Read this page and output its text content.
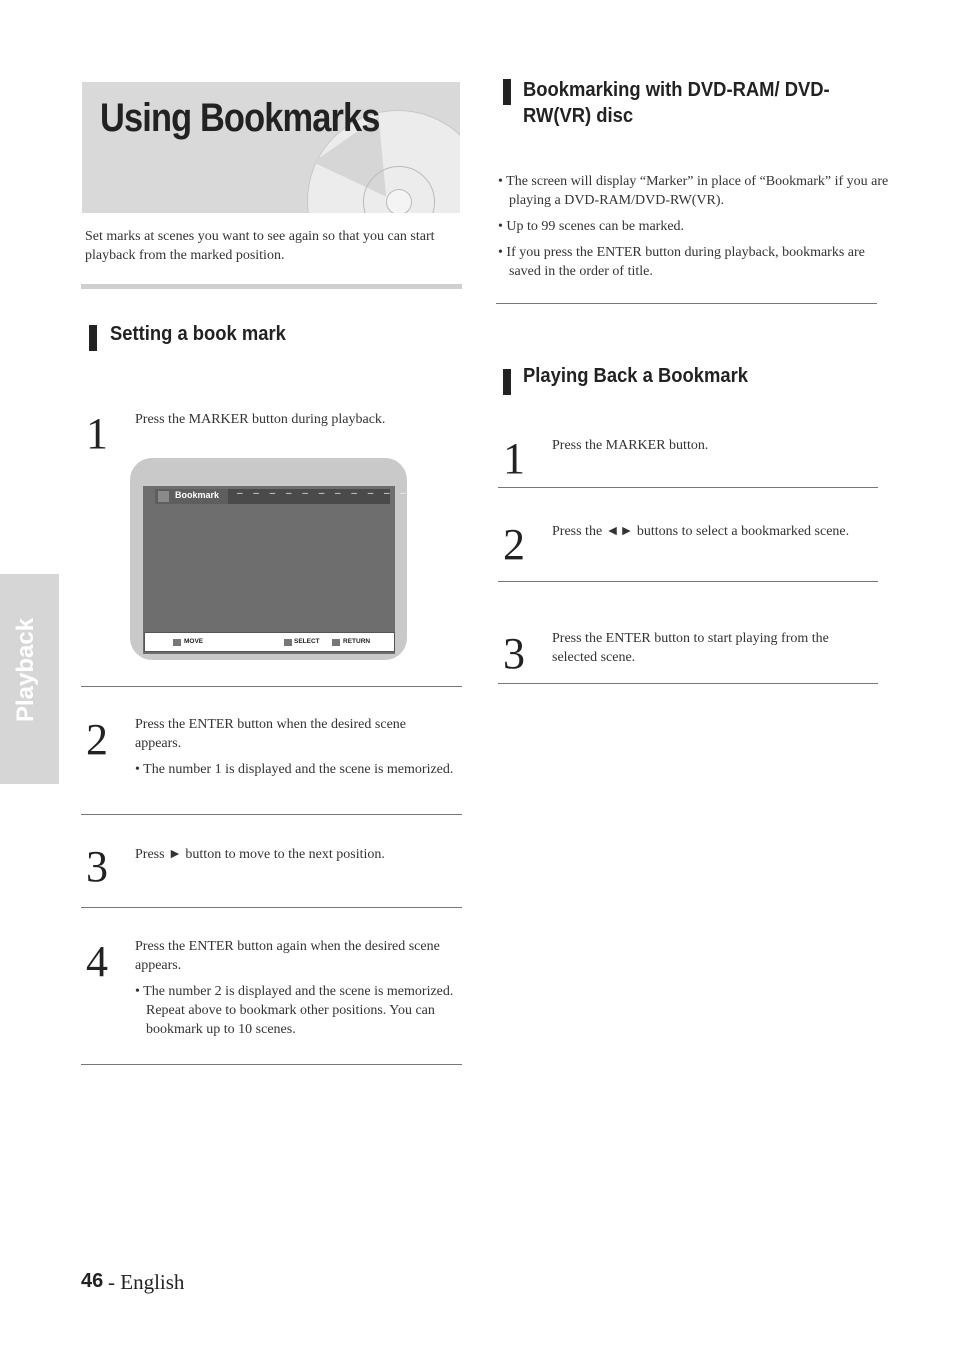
Using Bookmarks
Set marks at scenes you want to see again so that you can start playback from the marked position.
Setting a book mark
1 Press the MARKER button during playback.
Bookmark – – – – – – – – – – –
MOVE	SELECT	RETURN
2 Press the ENTER button when the desired scene appears.
• The number 1 is displayed and the scene is memorized.
3 Press ► button to move to the next position.
4 Press the ENTER button again when the desired scene appears.
• The number 2 is displayed and the scene is memorized. Repeat above to bookmark other positions. You can bookmark up to 10 scenes.
Bookmarking with DVD-RAM/ DVD-
RW(VR) disc
• The screen will display “Marker” in place of “Bookmark” if you are playing a DVD-RAM/DVD-RW(VR).
• Up to 99 scenes can be marked.
• If you press the ENTER button during playback, bookmarks are saved in the order of title.
Playing Back a Bookmark
1 Press the MARKER button.
2 Press the ◄► buttons to select a bookmarked scene.
3 Press the ENTER button to start playing from the selected scene.
Playback
46 - English
